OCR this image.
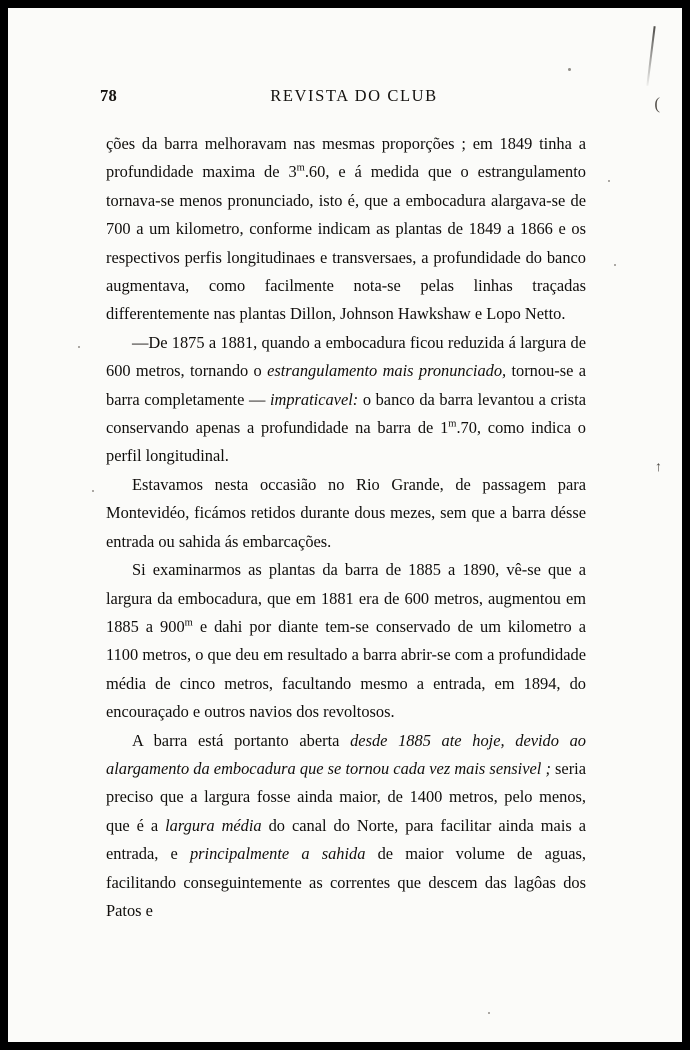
78	REVISTA DO CLUB

ções da barra melhoravam nas mesmas proporções ; em 1849 tinha a profundidade maxima de 3$^m$.60, e á medida que o estrangulamento tornava-se menos pronunciado, isto é, que a embocadura alargava-se de 700 a um kilometro, conforme indicam as plantas de 1849 a 1866 e os respectivos perfis longitudinaes e transversaes, a profundidade do banco augmentava, como facilmente nota-se pelas linhas traçadas differentemente nas plantas Dillon, Johnson Hawkshaw e Lopo Netto.

—De 1875 a 1881, quando a embocadura ficou reduzida á largura de 600 metros, tornando o estrangulamento mais pronunciado, tornou-se a barra completamente — impraticavel: o banco da barra levantou a crista conservando apenas a profundidade na barra de 1$^m$.70, como indica o perfil longitudinal.

Estavamos nesta occasião no Rio Grande, de passagem para Montevidéo, ficámos retidos durante dous mezes, sem que a barra désse entrada ou sahida ás embarcações.

Si examinarmos as plantas da barra de 1885 a 1890, vê-se que a largura da embocadura, que em 1881 era de 600 metros, augmentou em 1885 a 900$^m$ e dahi por diante tem-se conservado de um kilometro a 1100 metros, o que deu em resultado a barra abrir-se com a profundidade média de cinco metros, facultando mesmo a entrada, em 1894, do encouraçado e outros navios dos revoltosos.

A barra está portanto aberta desde 1885 ate hoje, devido ao alargamento da embocadura que se tornou cada vez mais sensivel ; seria preciso que a largura fosse ainda maior, de 1400 metros, pelo menos, que é a largura média do canal do Norte, para facilitar ainda mais a entrada, e principalmente a sahida de maior volume de aguas, facilitando conseguintemente as correntes que descem das lagôas dos Patos e

(
↑
